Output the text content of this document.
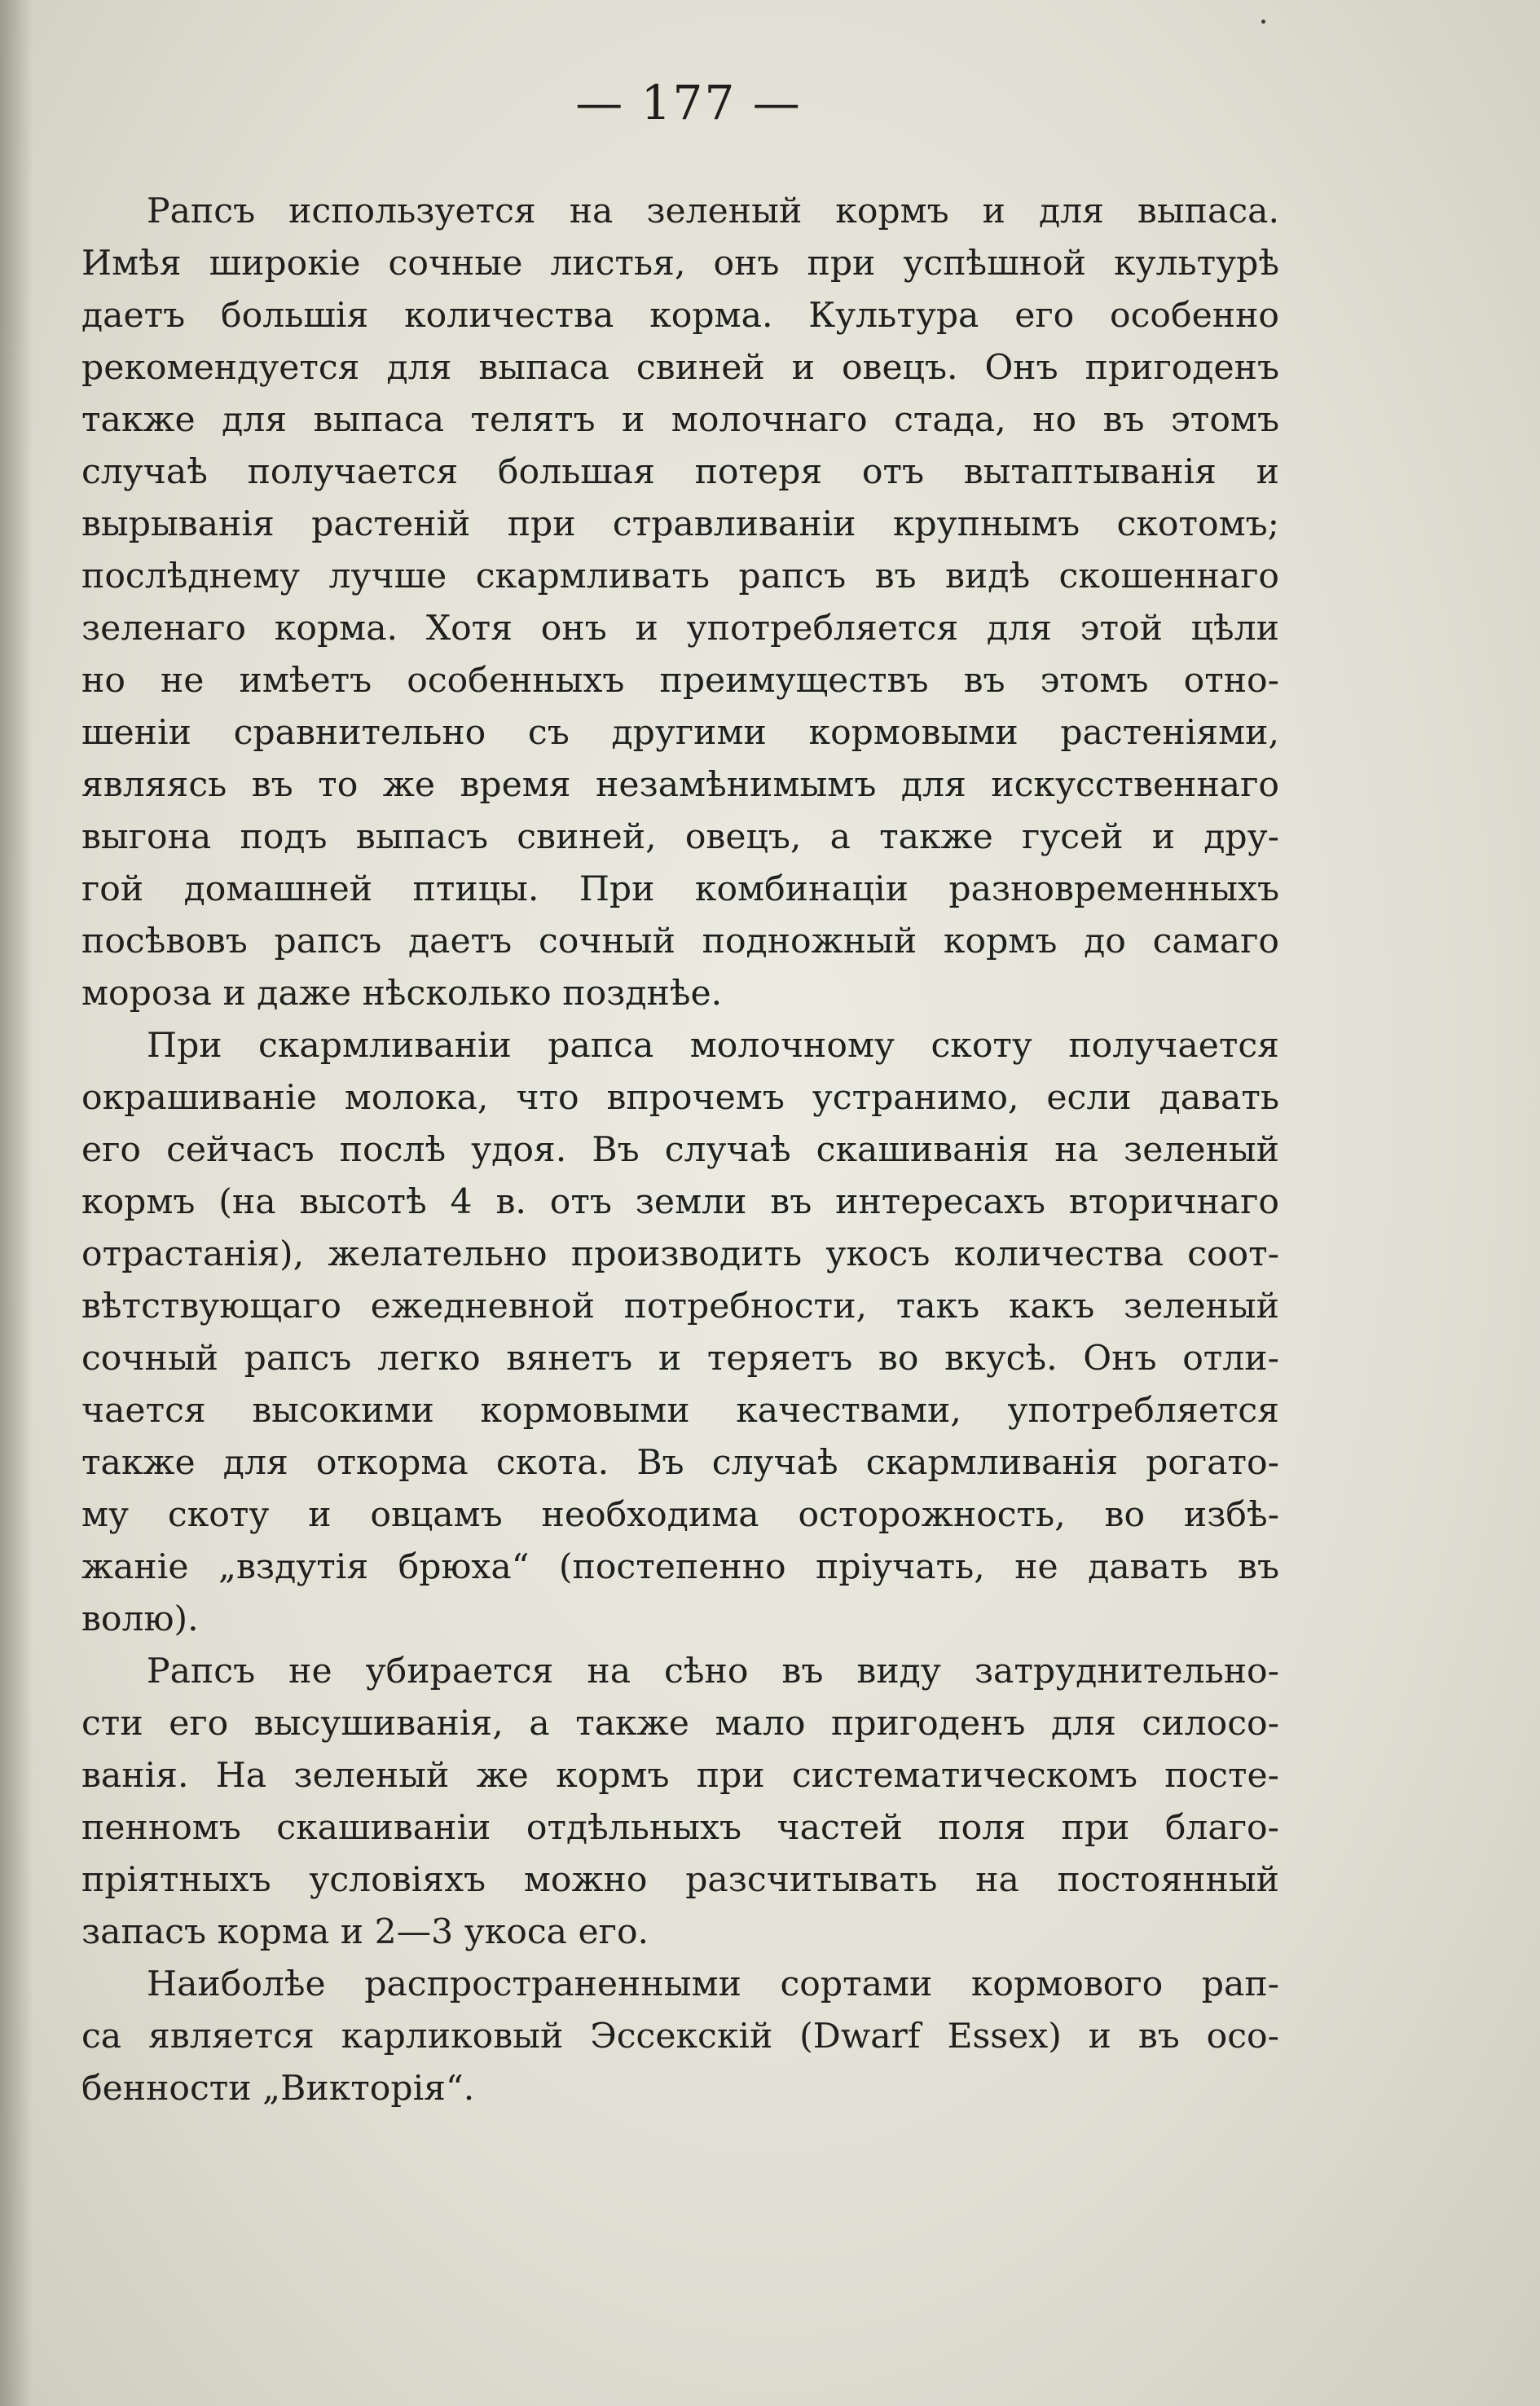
— 177 —

Рапсъ используется на зеленый кормъ и для выпаса.
Имѣя широкіе сочные листья, онъ при успѣшной культурѣ
даетъ большія количества корма. Культура его особенно
рекомендуется для выпаса свиней и овецъ. Онъ пригоденъ
также для выпаса телятъ и молочнаго стада, но въ этомъ
случаѣ получается большая потеря отъ вытаптыванія и
вырыванія растеній при стравливаніи крупнымъ скотомъ;
послѣднему лучше скармливать рапсъ въ видѣ скошеннаго
зеленаго корма. Хотя онъ и употребляется для этой цѣли
но не имѣетъ особенныхъ преимуществъ въ этомъ отно-
шеніи сравнительно съ другими кормовыми растеніями,
являясь въ то же время незамѣнимымъ для искусственнаго
выгона подъ выпасъ свиней, овецъ, а также гусей и дру-
гой домашней птицы. При комбинаціи разновременныхъ
посѣвовъ рапсъ даетъ сочный подножный кормъ до самаго
мороза и даже нѣсколько позднѣе.

При скармливаніи рапса молочному скоту получается
окрашиваніе молока, что впрочемъ устранимо, если давать
его сейчасъ послѣ удоя. Въ случаѣ скашиванія на зеленый
кормъ (на высотѣ 4 в. отъ земли въ интересахъ вторичнаго
отрастанія), желательно производить укосъ количества соот-
вѣтствующаго ежедневной потребности, такъ какъ зеленый
сочный рапсъ легко вянетъ и теряетъ во вкусѣ. Онъ отли-
чается высокими кормовыми качествами, употребляется
также для откорма скота. Въ случаѣ скармливанія рогато-
му скоту и овцамъ необходима осторожность, во избѣ-
жаніе „вздутія брюха“ (постепенно пріучать, не давать въ
волю).

Рапсъ не убирается на сѣно въ виду затруднительно-
сти его высушиванія, а также мало пригоденъ для силосо-
ванія. На зеленый же кормъ при систематическомъ посте-
пенномъ скашиваніи отдѣльныхъ частей поля при благо-
пріятныхъ условіяхъ можно разсчитывать на постоянный
запасъ корма и 2—3 укоса его.

Наиболѣе распространенными сортами кормового рап-
са является карликовый Эссекскій (Dwarf Essex) и въ осо-
бенности „Викторія“.
